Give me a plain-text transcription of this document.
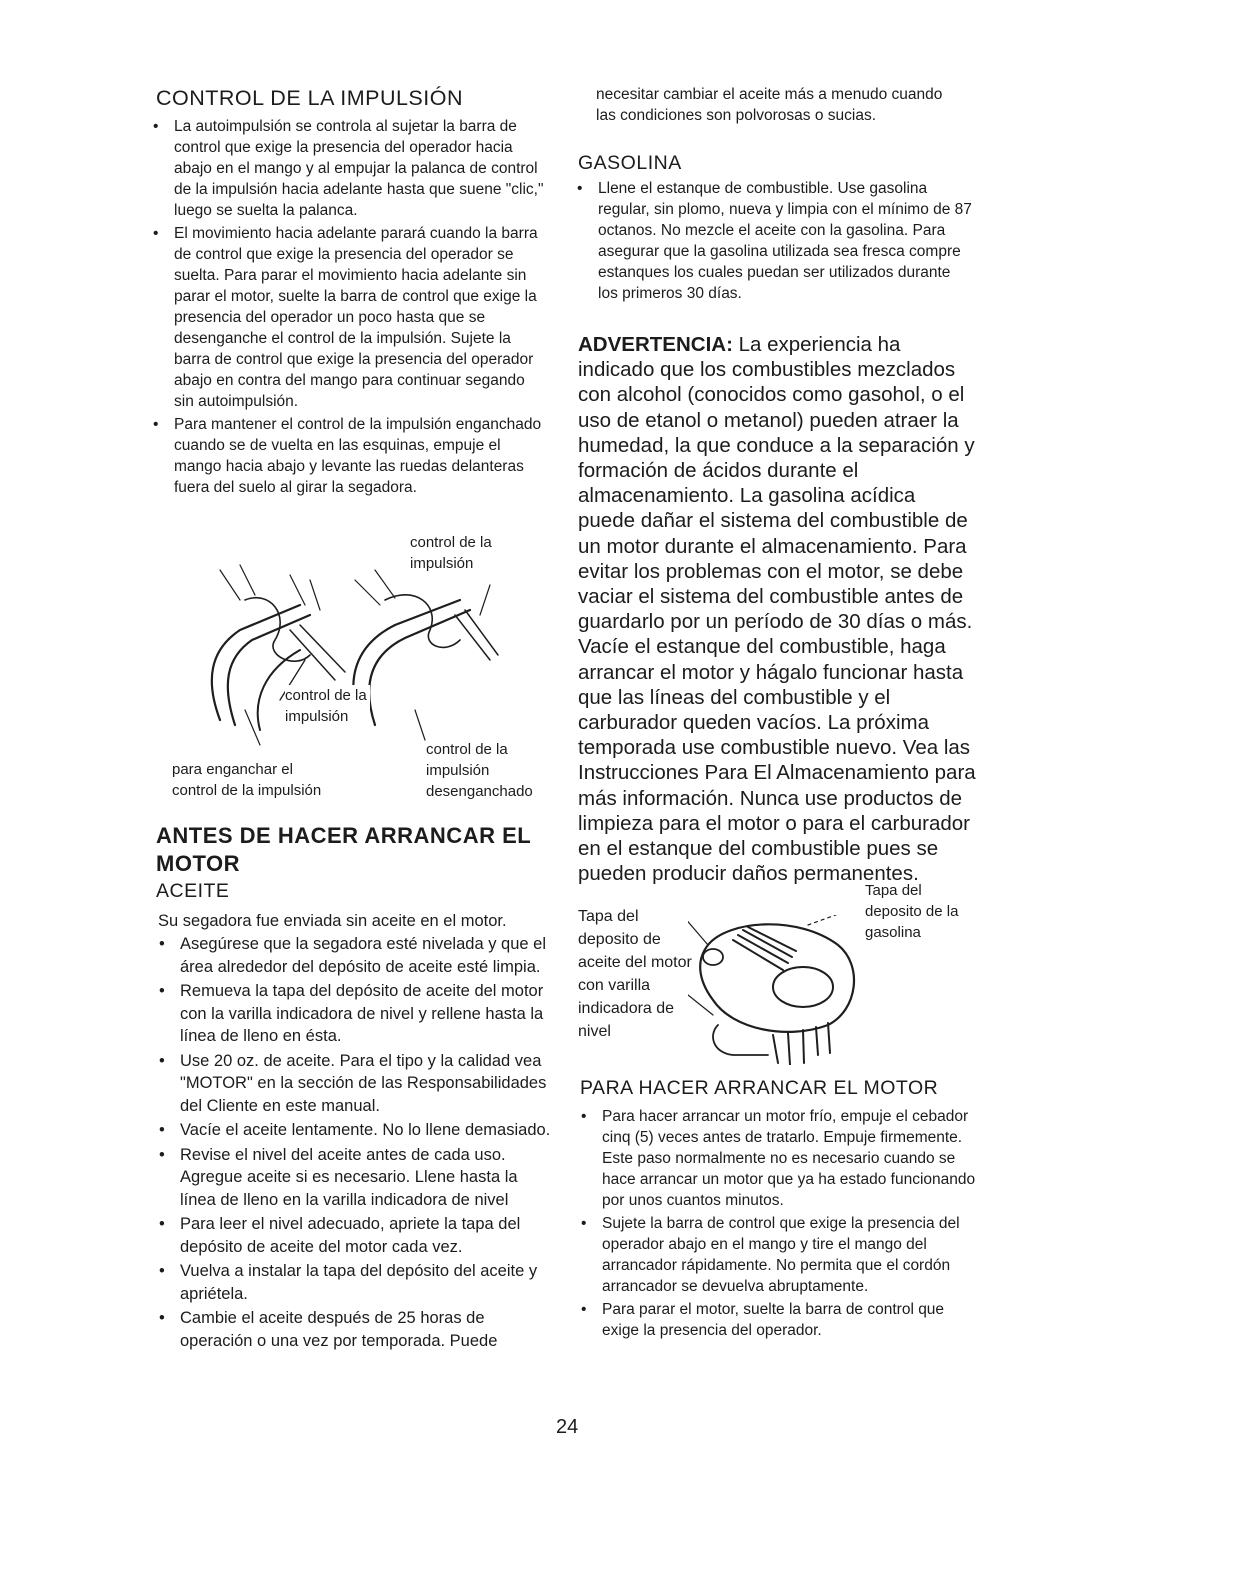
CONTROL DE LA IMPULSIÓN
• La autoimpulsión se controla al sujetar la barra de control que exige la presencia del operador hacia abajo en el mango y al empujar la palanca de control de la impulsión hacia adelante hasta que suene "clic," luego se suelta la palanca.
• El movimiento hacia adelante parará cuando la barra de control que exige la presencia del operador se suelta. Para parar el movimiento hacia adelante sin parar el motor, suelte la barra de control que exige la presencia del operador un poco hasta que se desenganche el control de la impulsión. Sujete la barra de control que exige la presencia del operador abajo en contra del mango para continuar segando sin autoimpulsión.
• Para mantener el control de la impulsión enganchado cuando se de vuelta en las esquinas, empuje el mango hacia abajo y levante las ruedas delanteras fuera del suelo al girar la segadora.
control de la impulsión
control de la impulsión
para enganchar el control de la impulsión
control de la impulsión desenganchado
ANTES DE HACER ARRANCAR EL MOTOR
ACEITE
Su segadora fue enviada sin aceite en el motor.
• Asegúrese que la segadora esté nivelada y que el área alrededor del depósito de aceite esté limpia.
• Remueva la tapa del depósito de aceite del motor con la varilla indicadora de nivel y rellene hasta la línea de lleno en ésta.
• Use 20 oz. de aceite. Para el tipo y la calidad vea "MOTOR" en la sección de las Responsabilidades del Cliente en este manual.
• Vacíe el aceite lentamente. No lo llene demasiado.
• Revise el nivel del aceite antes de cada uso. Agregue aceite si es necesario. Llene hasta la línea de lleno en la varilla indicadora de nivel
• Para leer el nivel adecuado, apriete la tapa del depósito de aceite del motor cada vez.
• Vuelva a instalar la tapa del depósito del aceite y apriétela.
• Cambie el aceite después de 25 horas de operación o una vez por temporada. Puede
necesitar cambiar el aceite más a menudo cuando las condiciones son polvorosas o sucias.
GASOLINA
• Llene el estanque de combustible. Use gasolina regular, sin plomo, nueva y limpia con el mínimo de 87 octanos. No mezcle el aceite con la gasolina. Para asegurar que la gasolina utilizada sea fresca compre estanques los cuales puedan ser utilizados durante los primeros 30 días.
ADVERTENCIA: La experiencia ha indicado que los combustibles mezclados con alcohol (conocidos como gasohol, o el uso de etanol o metanol) pueden atraer la humedad, la que conduce a la separación y formación de ácidos durante el almacenamiento. La gasolina acídica puede dañar el sistema del combustible de un motor durante el almacenamiento. Para evitar los problemas con el motor, se debe vaciar el sistema del combustible antes de guardarlo por un período de 30 días o más. Vacíe el estanque del combustible, haga arrancar el motor y hágalo funcionar hasta que las líneas del combustible y el carburador queden vacíos. La próxima temporada use combustible nuevo. Vea las Instrucciones Para El Almacenamiento para más información. Nunca use productos de limpieza para el motor o para el carburador en el estanque del combustible pues se pueden producir daños permanentes.
Tapa del deposito de la gasolina
Tapa del deposito de aceite del motor con varilla indicadora de nivel
PARA HACER ARRANCAR EL MOTOR
• Para hacer arrancar un motor frío, empuje el cebador cinq (5) veces antes de tratarlo. Empuje firmemente. Este paso normalmente no es necesario cuando se hace arrancar un motor que ya ha estado funcionando por unos cuantos minutos.
• Sujete la barra de control que exige la presencia del operador abajo en el mango y tire el mango del arrancador rápidamente. No permita que el cordón arrancador se devuelva abruptamente.
• Para parar el motor, suelte la barra de control que exige la presencia del operador.
24
